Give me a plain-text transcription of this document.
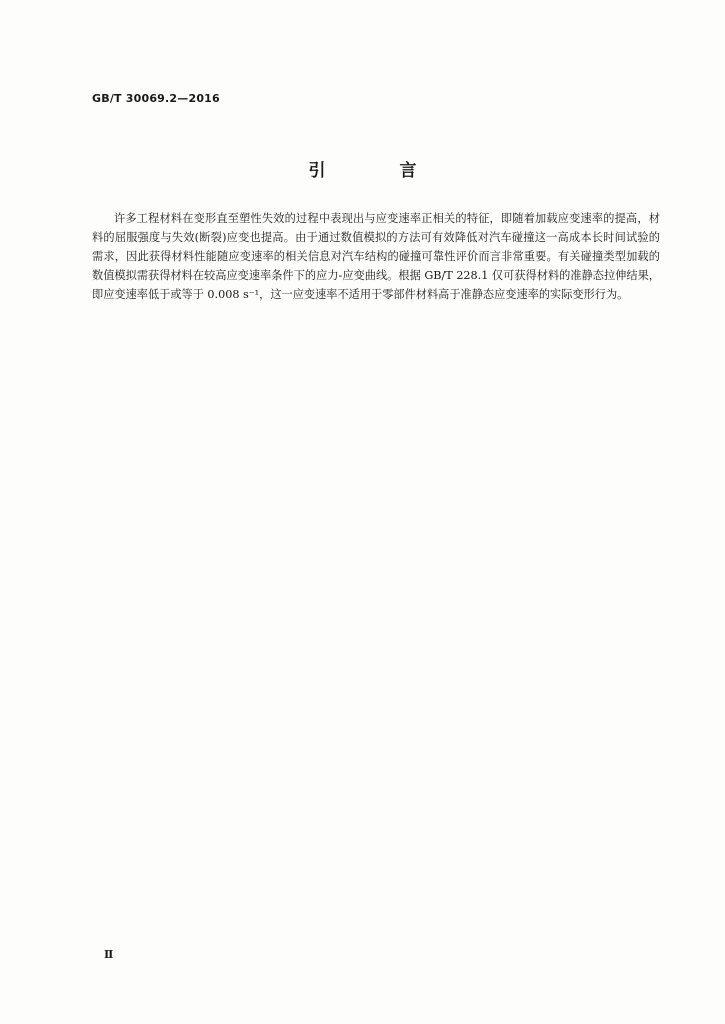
GB/T 30069.2—2016
引 言

许多工程材料在变形直至塑性失效的过程中表现出与应变速率正相关的特征，即随着加载应变速率的提高，材料的屈服强度与失效(断裂)应变也提高。由于通过数值模拟的方法可有效降低对汽车碰撞这一高成本长时间试验的需求，因此获得材料性能随应变速率的相关信息对汽车结构的碰撞可靠性评价而言非常重要。有关碰撞类型加载的数值模拟需获得材料在较高应变速率条件下的应力-应变曲线。根据 GB/T 228.1 仅可获得材料的准静态拉伸结果，即应变速率低于或等于 0.008 s⁻¹，这一应变速率不适用于零部件材料高于准静态应变速率的实际变形行为。

Ⅱ
